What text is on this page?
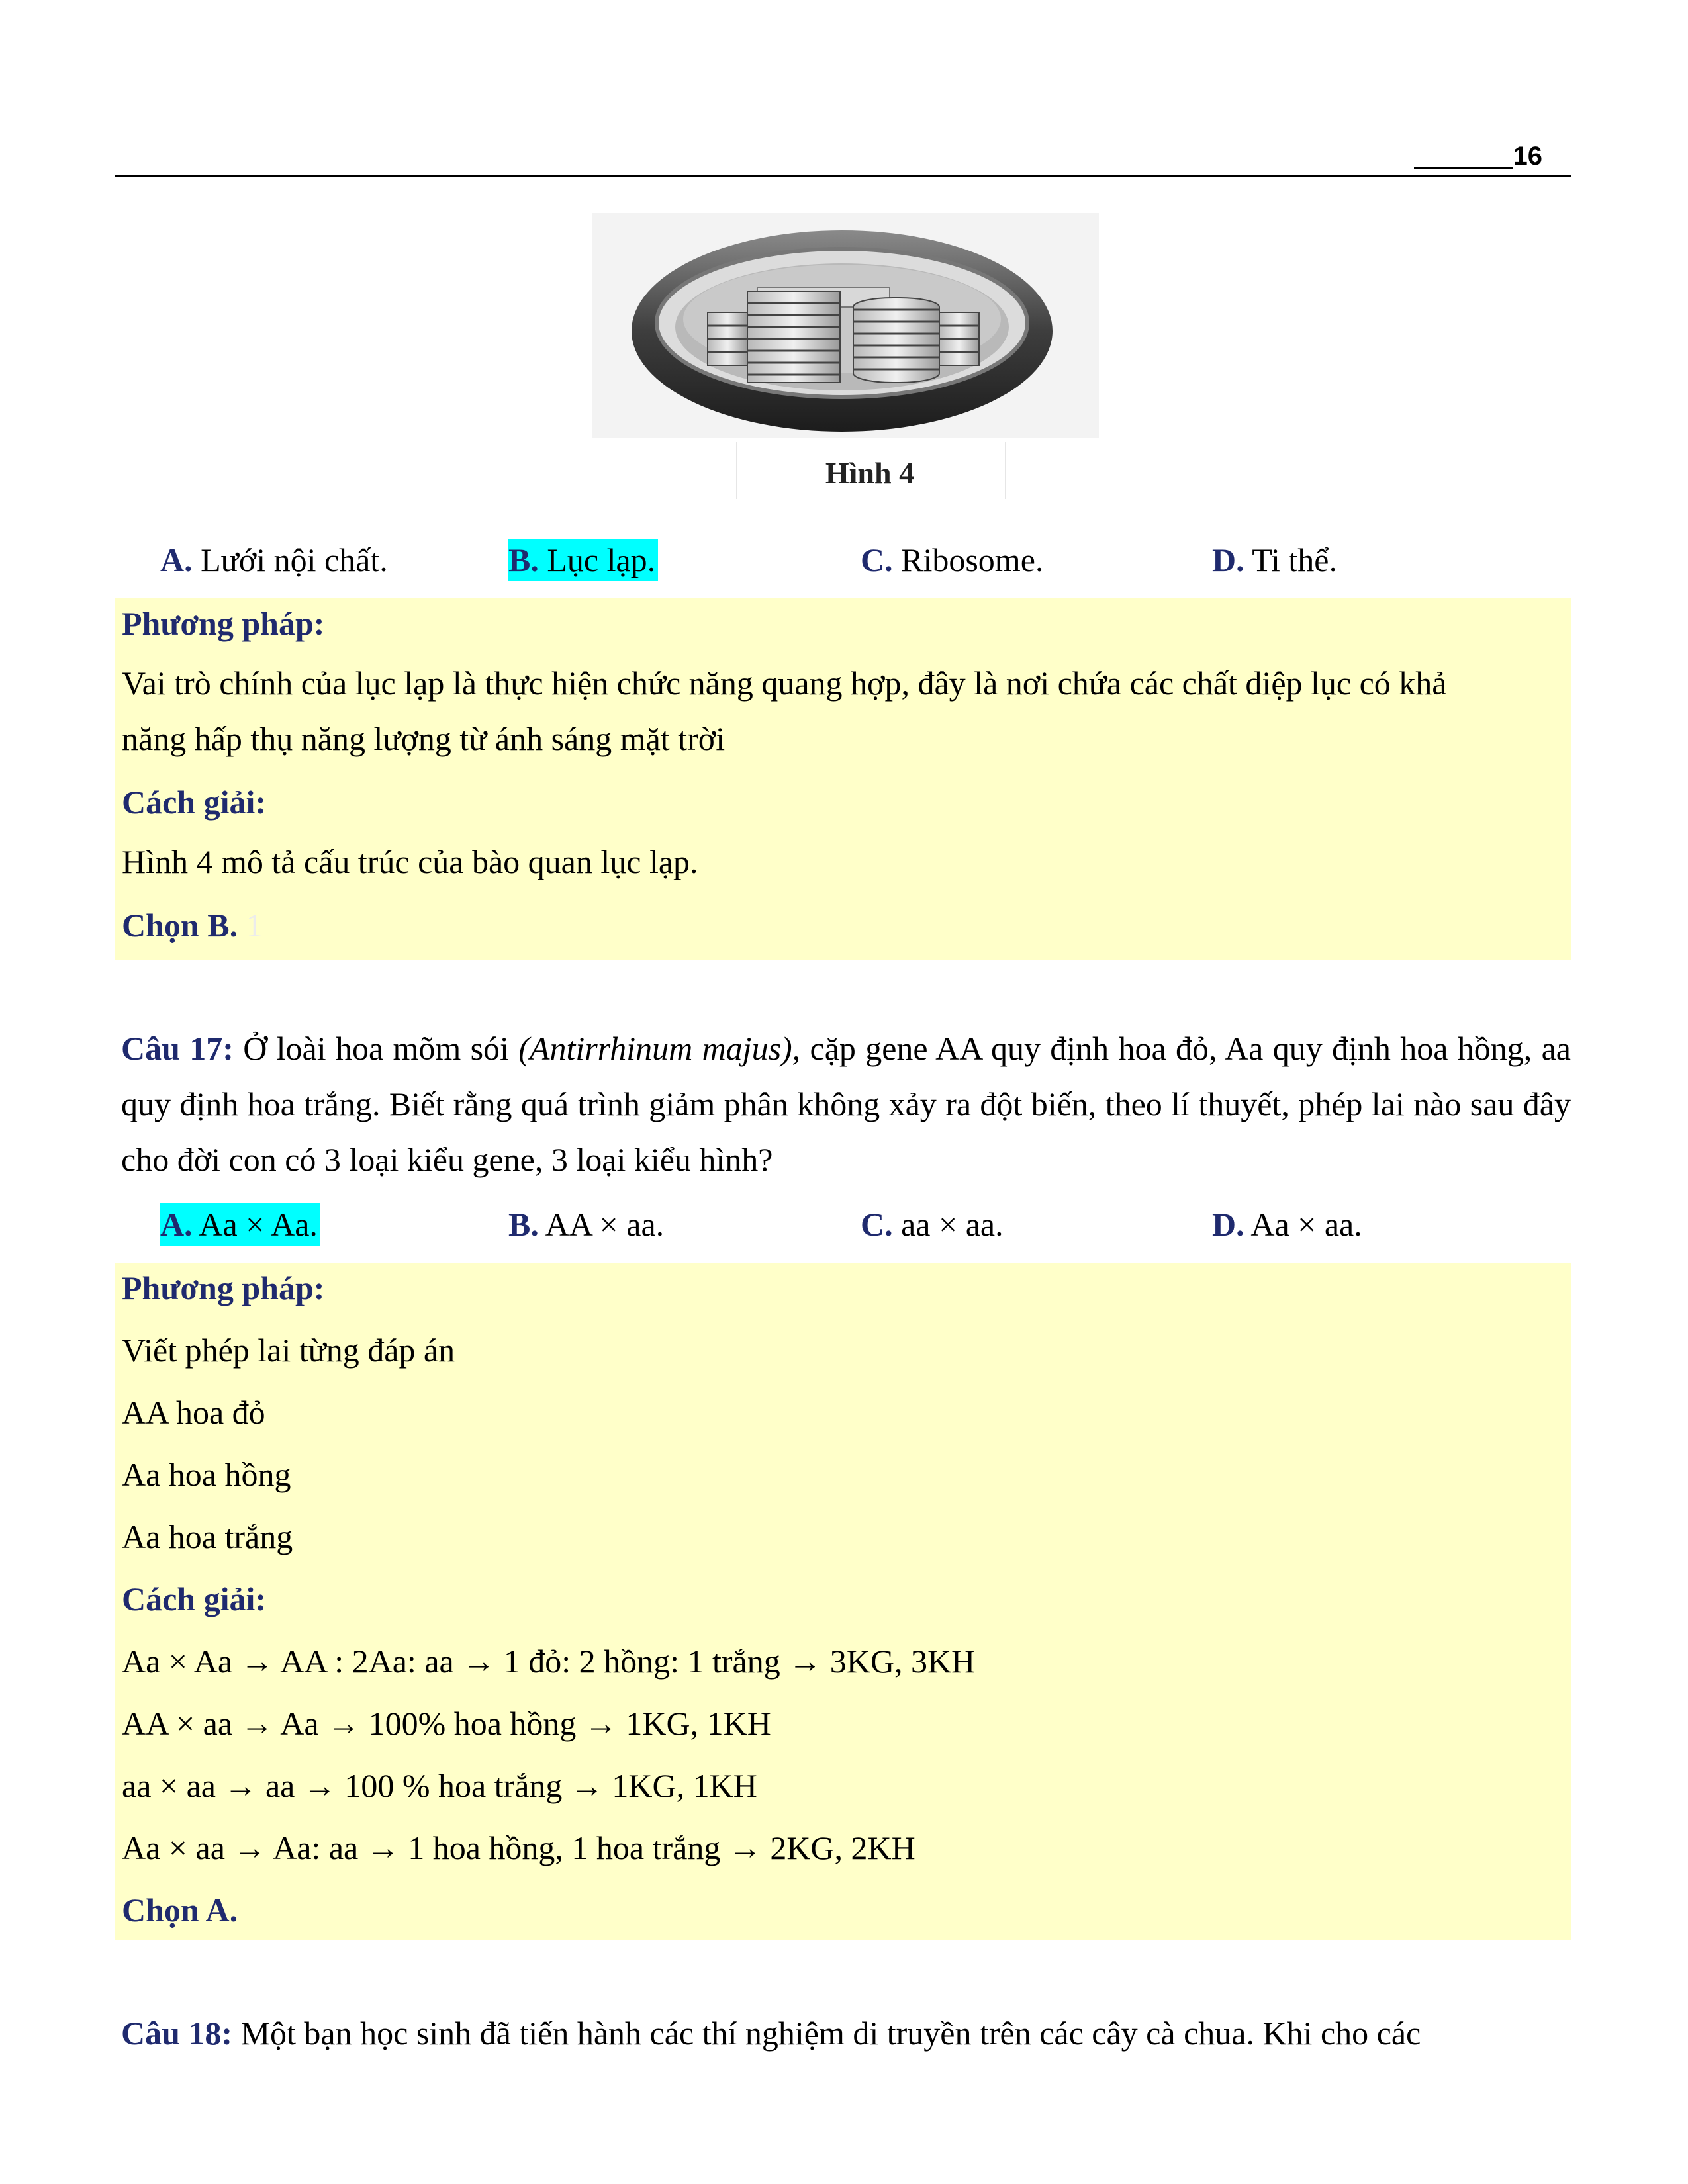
16
Hình 4
A. Lưới nội chất.	B. Lục lạp.	C. Ribosome.	D. Ti thể.
Phương pháp:
Vai trò chính của lục lạp là thực hiện chức năng quang hợp, đây là nơi chứa các chất diệp lục có khả
năng hấp thụ năng lượng từ ánh sáng mặt trời
Cách giải:
Hình 4 mô tả cấu trúc của bào quan lục lạp.
Chọn B. 1
Câu 17: Ở loài hoa mõm sói (Antirrhinum majus), cặp gene AA quy định hoa đỏ, Aa quy định hoa hồng, aa quy định hoa trắng. Biết rằng quá trình giảm phân không xảy ra đột biến, theo lí thuyết, phép lai nào sau đây cho đời con có 3 loại kiểu gene, 3 loại kiểu hình?
A. Aa × Aa.	B. AA × aa.	C. aa × aa.	D. Aa × aa.
Phương pháp:
Viết phép lai từng đáp án
AA hoa đỏ
Aa hoa hồng
Aa hoa trắng
Cách giải:
Aa × Aa → AA : 2Aa: aa → 1 đỏ: 2 hồng: 1 trắng → 3KG, 3KH
AA × aa → Aa → 100% hoa hồng → 1KG, 1KH
aa × aa → aa → 100 % hoa trắng → 1KG, 1KH
Aa × aa → Aa: aa → 1 hoa hồng, 1 hoa trắng → 2KG, 2KH
Chọn A.
Câu 18: Một bạn học sinh đã tiến hành các thí nghiệm di truyền trên các cây cà chua. Khi cho các
